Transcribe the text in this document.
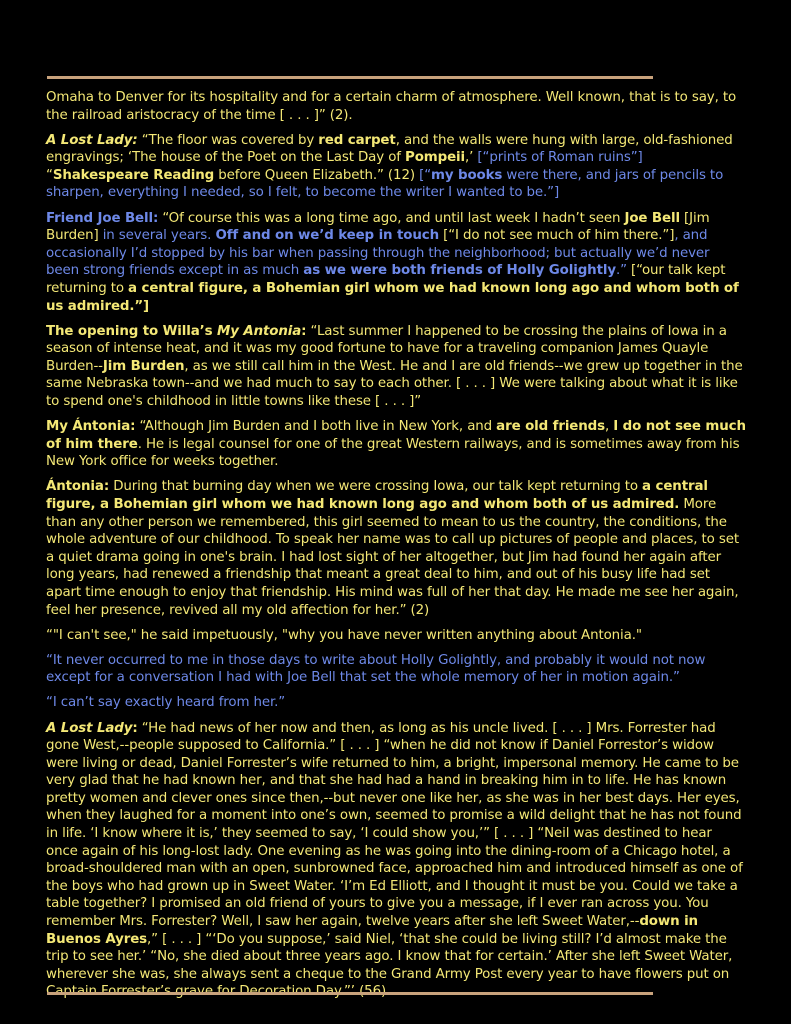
Omaha to Denver for its hospitality and for a certain charm of atmosphere. Well known, that is to say, to the railroad aristocracy of the time [ . . . ]” (2).
A Lost Lady: “The floor was covered by red carpet, and the walls were hung with large, old-fashioned engravings; ‘The house of the Poet on the Last Day of Pompeii,’ [“prints of Roman ruins”] “Shakespeare Reading before Queen Elizabeth.” (12) [“my books were there, and jars of pencils to sharpen, everything I needed, so I felt, to become the writer I wanted to be.”]
Friend Joe Bell: “Of course this was a long time ago, and until last week I hadn’t seen Joe Bell [Jim Burden] in several years. Off and on we’d keep in touch [“I do not see much of him there.”], and occasionally I’d stopped by his bar when passing through the neighborhood; but actually we’d never been strong friends except in as much as we were both friends of Holly Golightly.” [“our talk kept returning to a central figure, a Bohemian girl whom we had known long ago and whom both of us admired.”]
The opening to Willa’s My Antonia: “Last summer I happened to be crossing the plains of Iowa in a season of intense heat, and it was my good fortune to have for a traveling companion James Quayle Burden--Jim Burden, as we still call him in the West. He and I are old friends--we grew up together in the same Nebraska town--and we had much to say to each other. [ . . . ] We were talking about what it is like to spend one's childhood in little towns like these [ . . . ]”
My Ántonia: “Although Jim Burden and I both live in New York, and are old friends, I do not see much of him there. He is legal counsel for one of the great Western railways, and is sometimes away from his New York office for weeks together.
Ántonia: During that burning day when we were crossing Iowa, our talk kept returning to a central figure, a Bohemian girl whom we had known long ago and whom both of us admired. More than any other person we remembered, this girl seemed to mean to us the country, the conditions, the whole adventure of our childhood. To speak her name was to call up pictures of people and places, to set a quiet drama going in one's brain. I had lost sight of her altogether, but Jim had found her again after long years, had renewed a friendship that meant a great deal to him, and out of his busy life had set apart time enough to enjoy that friendship. His mind was full of her that day. He made me see her again, feel her presence, revived all my old affection for her.” (2)
“"I can't see," he said impetuously, "why you have never written anything about Antonia."
“It never occurred to me in those days to write about Holly Golightly, and probably it would not now except for a conversation I had with Joe Bell that set the whole memory of her in motion again.”
“I can’t say exactly heard from her.”
A Lost Lady: “He had news of her now and then, as long as his uncle lived. [ . . . ] Mrs. Forrester had gone West,--people supposed to California.” [ . . . ] “when he did not know if Daniel Forrestor’s widow were living or dead, Daniel Forrester’s wife returned to him, a bright, impersonal memory. He came to be very glad that he had known her, and that she had had a hand in breaking him in to life. He has known pretty women and clever ones since then,--but never one like her, as she was in her best days. Her eyes, when they laughed for a moment into one’s own, seemed to promise a wild delight that he has not found in life. ‘I know where it is,’ they seemed to say, ‘I could show you,’” [ . . . ] “Neil was destined to hear once again of his long-lost lady. One evening as he was going into the dining-room of a Chicago hotel, a broad-shouldered man with an open, sunbrowned face, approached him and introduced himself as one of the boys who had grown up in Sweet Water. ‘I’m Ed Elliott, and I thought it must be you. Could we take a table together? I promised an old friend of yours to give you a message, if I ever ran across you. You remember Mrs. Forrester? Well, I saw her again, twelve years after she left Sweet Water,--down in Buenos Ayres,” [ . . . ] “‘Do you suppose,’ said Niel, ‘that she could be living still? I’d almost make the trip to see her.’ “No, she died about three years ago. I know that for certain.’ After she left Sweet Water, wherever she was, she always sent a cheque to the Grand Army Post every year to have flowers put on
